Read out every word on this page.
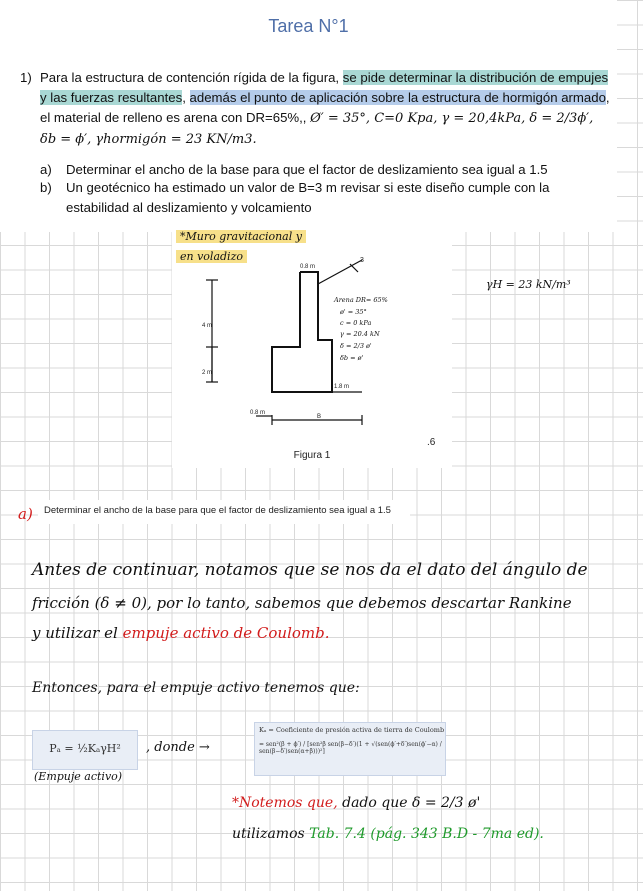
Tarea N°1
1) Para la estructura de contención rígida de la figura, se pide determinar la distribución de empujes y las fuerzas resultantes, además el punto de aplicación sobre la estructura de hormigón armado, el material de relleno es arena con DR=65%,, Ø′ = 35°, C=0 Kpa, γ = 20,4kPa, δ = 2/3ϕ′, δb = ϕ′, γhormigón = 23 KN/m3.
a) Determinar el ancho de la base para que el factor de deslizamiento sea igual a 1.5
b) Un geotécnico ha estimado un valor de B=3 m revisar si este diseño cumple con la estabilidad al deslizamiento y volcamiento
0.8 m
4 m
2 m
0.8 m
1.8 m
B
3
Arena DR= 65%
ø' = 35°
c = 0 kPa
γ = 20.4 kN
δ = 2/3 ø'
δb = ø'
Figura 1
.6
*Muro gravitacional y
en voladizo
γH = 23 kN/m³
a) Determinar el ancho de la base para que el factor de deslizamiento sea igual a 1.5
Antes de continuar, notamos que se nos da el dato del ángulo de
fricción (δ ≠ 0), por lo tanto, sabemos que debemos descartar Rankine
y utilizar el empuje activo de Coulomb.
Entonces, para el empuje activo tenemos que:
Pₐ = ½KₐγH²
(Empuje activo)
, donde →
Kₐ = Coeficiente de presión activa de tierra de Coulomb
= sen²(β + ϕ′) / [sen²β sen(β−δ′)(1 + √(sen(ϕ′+δ′)sen(ϕ′−α) / sen(β−δ′)sen(α+β)))²]
*Notemos que, dado que δ = 2/3 ø'
utilizamos Tab. 7.4 (pág. 343 B.D - 7ma ed).
